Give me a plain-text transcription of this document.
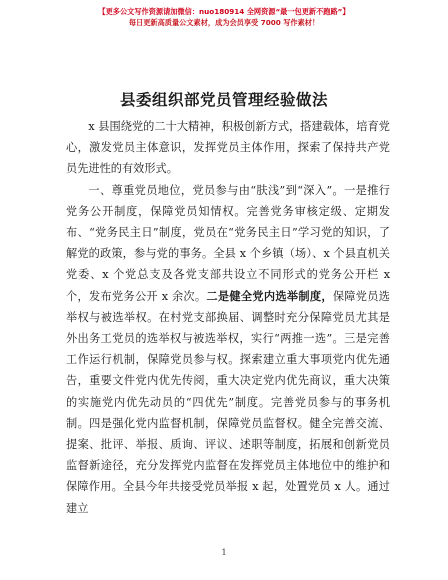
【更多公文写作资源请加微信：nuo180914 全网资源“最一包更新不跑路”】
每日更新高质量公文素材，成为会员享受 7000 写作素材！
县委组织部党员管理经验做法

x 县围绕党的二十大精神，积极创新方式，搭建载体，培育党心，激发党员主体意识，发挥党员主体作用，探索了保持共产党员先进性的有效形式。

一、尊重党员地位，党员参与由“肤浅”到“深入”。一是推行党务公开制度，保障党员知情权。完善党务审核定级、定期发布、“党务民主日”制度，党员在“党务民主日”学习党的知识，了解党的政策，参与党的事务。全县 x 个乡镇（场）、x 个县直机关党委、x 个党总支及各党支部共设立不同形式的党务公开栏 x 个，发布党务公开 x 余次。二是健全党内选举制度，保障党员选举权与被选举权。在村党支部换届、调整时充分保障党员尤其是外出务工党员的选举权与被选举权，实行“两推一选”。三是完善工作运行机制，保障党员参与权。探索建立重大事项党内优先通告，重要文件党内优先传阅，重大决定党内优先商议，重大决策的实施党内优先动员的“四优先”制度。完善党员参与的事务机制。四是强化党内监督机制，保障党员监督权。健全完善交流、提案、批评、举报、质询、评议、述职等制度，拓展和创新党员监督新途径，充分发挥党内监督在发挥党员主体地位中的维护和保障作用。全县今年共接受党员举报 x 起，处置党员 x 人。通过建立

1
